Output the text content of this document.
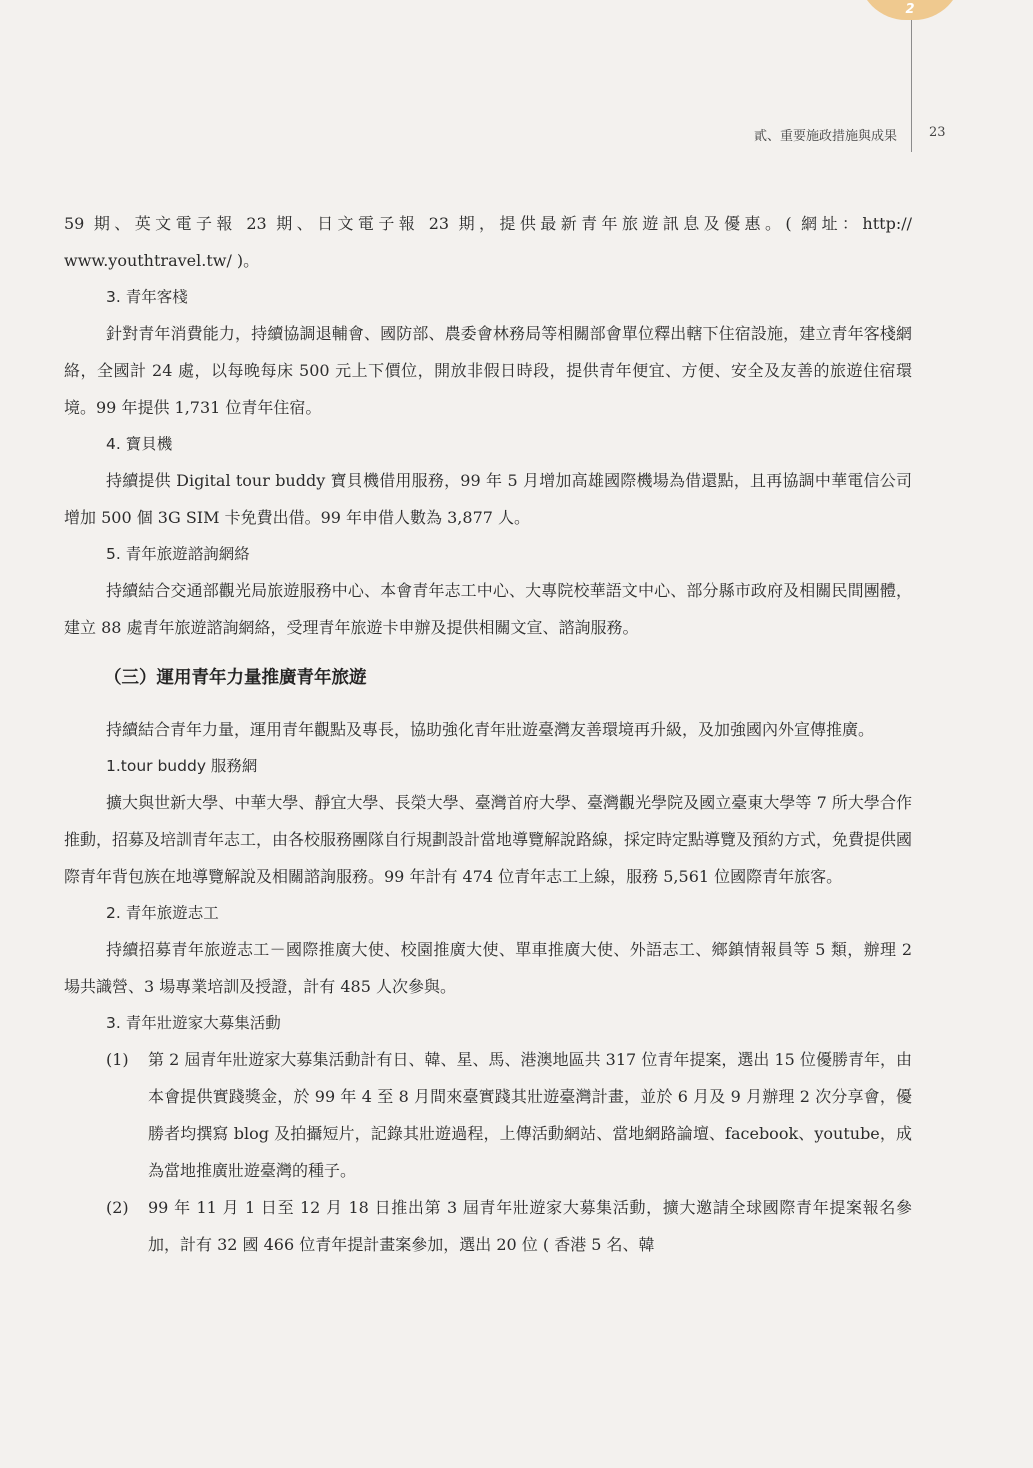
2
貳、重要施政措施與成果 23

59 期、英文電子報 23 期、日文電子報 23 期，提供最新青年旅遊訊息及優惠。( 網址：http:// www.youthtravel.tw/ )。

3. 青年客棧

針對青年消費能力，持續協調退輔會、國防部、農委會林務局等相關部會單位釋出轄下住宿設施，建立青年客棧網絡，全國計 24 處，以每晚每床 500 元上下價位，開放非假日時段，提供青年便宜、方便、安全及友善的旅遊住宿環境。99 年提供 1,731 位青年住宿。

4. 寶貝機

持續提供 Digital tour buddy 寶貝機借用服務，99 年 5 月增加高雄國際機場為借還點，且再協調中華電信公司增加 500 個 3G SIM 卡免費出借。99 年申借人數為 3,877 人。

5. 青年旅遊諮詢網絡

持續結合交通部觀光局旅遊服務中心、本會青年志工中心、大專院校華語文中心、部分縣市政府及相關民間團體，建立 88 處青年旅遊諮詢網絡，受理青年旅遊卡申辦及提供相關文宣、諮詢服務。

（三）運用青年力量推廣青年旅遊

持續結合青年力量，運用青年觀點及專長，協助強化青年壯遊臺灣友善環境再升級，及加強國內外宣傳推廣。

1.tour buddy 服務網

擴大與世新大學、中華大學、靜宜大學、長榮大學、臺灣首府大學、臺灣觀光學院及國立臺東大學等 7 所大學合作推動，招募及培訓青年志工，由各校服務團隊自行規劃設計當地導覽解說路線，採定時定點導覽及預約方式，免費提供國際青年背包族在地導覽解說及相關諮詢服務。99 年計有 474 位青年志工上線，服務 5,561 位國際青年旅客。

2. 青年旅遊志工

持續招募青年旅遊志工－國際推廣大使、校園推廣大使、單車推廣大使、外語志工、鄉鎮情報員等 5 類，辦理 2 場共識營、3 場專業培訓及授證，計有 485 人次參與。

3. 青年壯遊家大募集活動

(1)	第 2 屆青年壯遊家大募集活動計有日、韓、星、馬、港澳地區共 317 位青年提案，選出 15 位優勝青年，由本會提供實踐獎金，於 99 年 4 至 8 月間來臺實踐其壯遊臺灣計畫，並於 6 月及 9 月辦理 2 次分享會，優勝者均撰寫 blog 及拍攝短片，記錄其壯遊過程，上傳活動網站、當地網路論壇、facebook、youtube，成為當地推廣壯遊臺灣的種子。

(2)	99 年 11 月 1 日至 12 月 18 日推出第 3 屆青年壯遊家大募集活動，擴大邀請全球國際青年提案報名參加，計有 32 國 466 位青年提計畫案參加，選出 20 位 ( 香港 5 名、韓
